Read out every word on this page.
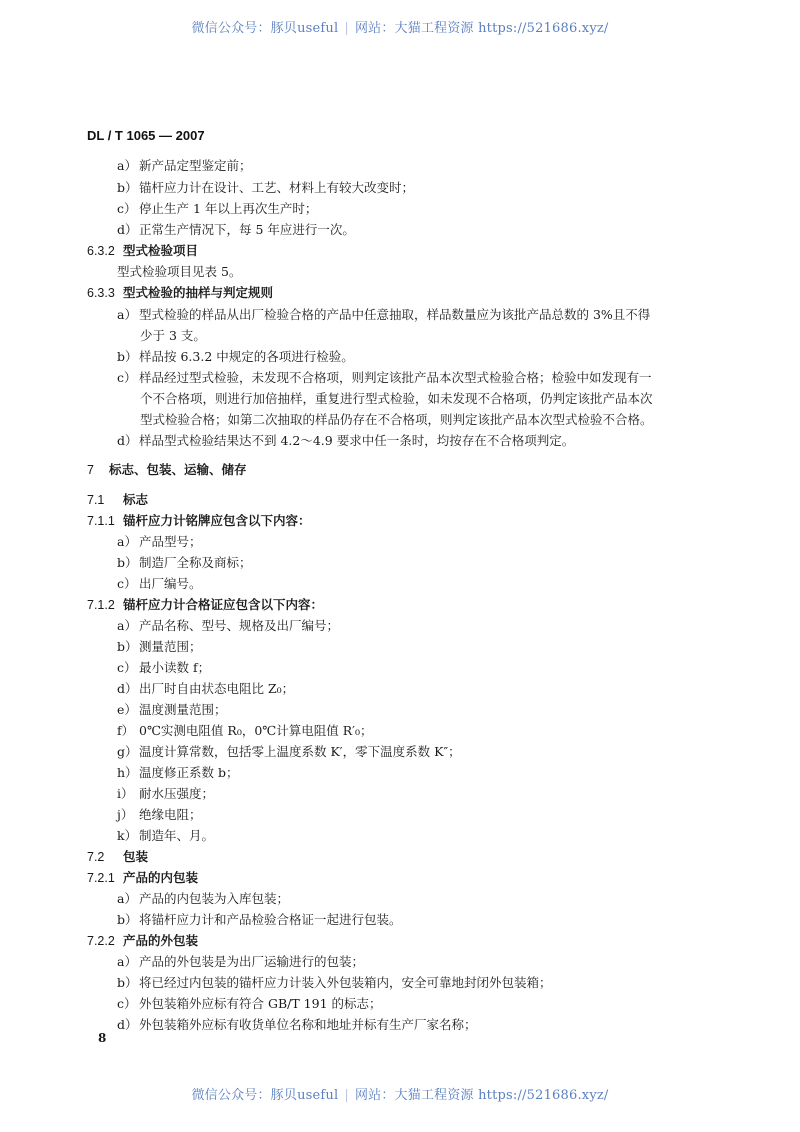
微信公众号：豚贝useful | 网站：大猫工程资源 https://521686.xyz/
DL / T 1065 — 2007
a） 新产品定型鉴定前；
b）锚杆应力计在设计、工艺、材料上有较大改变时；
c） 停止生产 1 年以上再次生产时；
d）正常生产情况下，每 5 年应进行一次。
6.3.2 型式检验项目
型式检验项目见表 5。
6.3.3 型式检验的抽样与判定规则
a） 型式检验的样品从出厂检验合格的产品中任意抽取，样品数量应为该批产品总数的 3%且不得
少于 3 支。
b）样品按 6.3.2 中规定的各项进行检验。
c） 样品经过型式检验，未发现不合格项，则判定该批产品本次型式检验合格；检验中如发现有一
个不合格项，则进行加倍抽样，重复进行型式检验，如未发现不合格项，仍判定该批产品本次
型式检验合格；如第二次抽取的样品仍存在不合格项，则判定该批产品本次型式检验不合格。
d）样品型式检验结果达不到 4.2～4.9 要求中任一条时，均按存在不合格项判定。
7 标志、包装、运输、储存
7.1 标志
7.1.1 锚杆应力计铭牌应包含以下内容：
a） 产品型号；
b）制造厂全称及商标；
c） 出厂编号。
7.1.2 锚杆应力计合格证应包含以下内容：
a） 产品名称、型号、规格及出厂编号；
b）测量范围；
c） 最小读数 f；
d）出厂时自由状态电阻比 Z₀；
e） 温度测量范围；
f） 0℃实测电阻值 R₀，0℃计算电阻值 R′₀；
g）温度计算常数，包括零上温度系数 K′，零下温度系数 K″；
h）温度修正系数 b；
i） 耐水压强度；
j） 绝缘电阻；
k） 制造年、月。
7.2 包装
7.2.1 产品的内包装
a） 产品的内包装为入库包装；
b）将锚杆应力计和产品检验合格证一起进行包装。
7.2.2 产品的外包装
a） 产品的外包装是为出厂运输进行的包装；
b）将已经过内包装的锚杆应力计装入外包装箱内，安全可靠地封闭外包装箱；
c） 外包装箱外应标有符合 GB/T 191 的标志；
d）外包装箱外应标有收货单位名称和地址并标有生产厂家名称；
8
微信公众号：豚贝useful | 网站：大猫工程资源 https://521686.xyz/
